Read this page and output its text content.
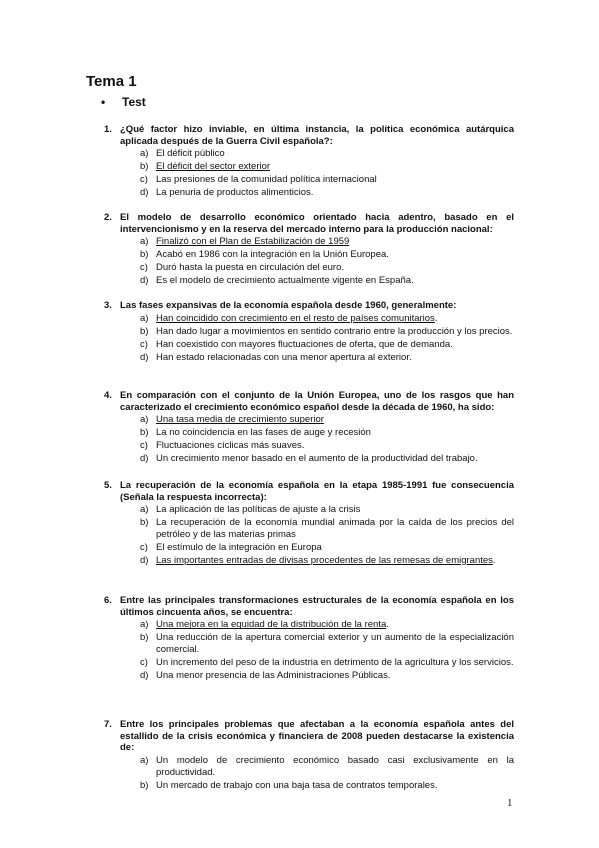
Tema 1
• Test
1. ¿Qué factor hizo inviable, en última instancia, la política económica autárquica aplicada después de la Guerra Civil española?:
a) El déficit público
b) El déficit del sector exterior
c) Las presiones de la comunidad política internacional
d) La penuria de productos alimenticios.
2. El modelo de desarrollo económico orientado hacia adentro, basado en el intervencionismo y en la reserva del mercado interno para la producción nacional:
a) Finalizó con el Plan de Estabilización de 1959
b) Acabó en 1986 con la integración en la Unión Europea.
c) Duró hasta la puesta en circulación del euro.
d) Es el modelo de crecimiento actualmente vigente en España.
3. Las fases expansivas de la economía española desde 1960, generalmente:
a) Han coincidido con crecimiento en el resto de países comunitarios.
b) Han dado lugar a movimientos en sentido contrario entre la producción y los precios.
c) Han coexistido con mayores fluctuaciones de oferta, que de demanda.
d) Han estado relacionadas con una menor apertura al exterior.
4. En comparación con el conjunto de la Unión Europea, uno de los rasgos que han caracterizado el crecimiento económico español desde la década de 1960, ha sido:
a) Una tasa media de crecimiento superior
b) La no coincidencia en las fases de auge y recesión
c) Fluctuaciones cíclicas más suaves.
d) Un crecimiento menor basado en el aumento de la productividad del trabajo.
5. La recuperación de la economía española en la etapa 1985-1991 fue consecuencia (Señala la respuesta incorrecta):
a) La aplicación de las políticas de ajuste a la crisis
b) La recuperación de la economía mundial animada por la caída de los precios del petróleo y de las materias primas
c) El estímulo de la integración en Europa
d) Las importantes entradas de divisas procedentes de las remesas de emigrantes.
6. Entre las principales transformaciones estructurales de la economía española en los últimos cincuenta años, se encuentra:
a) Una mejora en la equidad de la distribución de la renta.
b) Una reducción de la apertura comercial exterior y un aumento de la especialización comercial.
c) Un incremento del peso de la industria en detrimento de la agricultura y los servicios.
d) Una menor presencia de las Administraciones Públicas.
7. Entre los principales problemas que afectaban a la economía española antes del estallido de la crisis económica y financiera de 2008 pueden destacarse la existencia de:
a) Un modelo de crecimiento económico basado casi exclusivamente en la productividad.
b) Un mercado de trabajo con una baja tasa de contratos temporales.
1
